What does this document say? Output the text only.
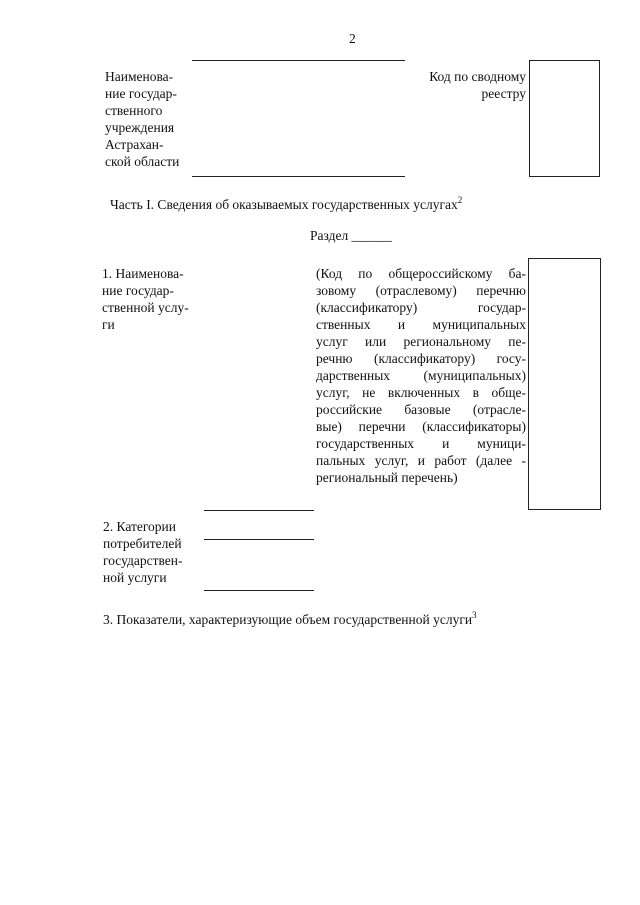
2
Наименова-
ние государ-
ственного
учреждения
Астрахан-
ской области
Код по сводному
реестру
Часть I. Сведения об оказываемых государственных услугах$^2$
Раздел ______
1. Наименова-
ние государ-
ственной услу-
ги
(Код по общероссийскому ба-
зовому (отраслевому) перечню
(классификатору) государ-
ственных и муниципальных
услуг или региональному пе-
речню (классификатору) госу-
дарственных (муниципальных)
услуг, не включенных в обще-
российские базовые (отрасле-
вые) перечни (классификаторы)
государственных и муници-
пальных услуг, и работ (далее -
региональный перечень)
2. Категории
потребителей
государствен-
ной услуги
3. Показатели, характеризующие объем государственной услуги$^3$
